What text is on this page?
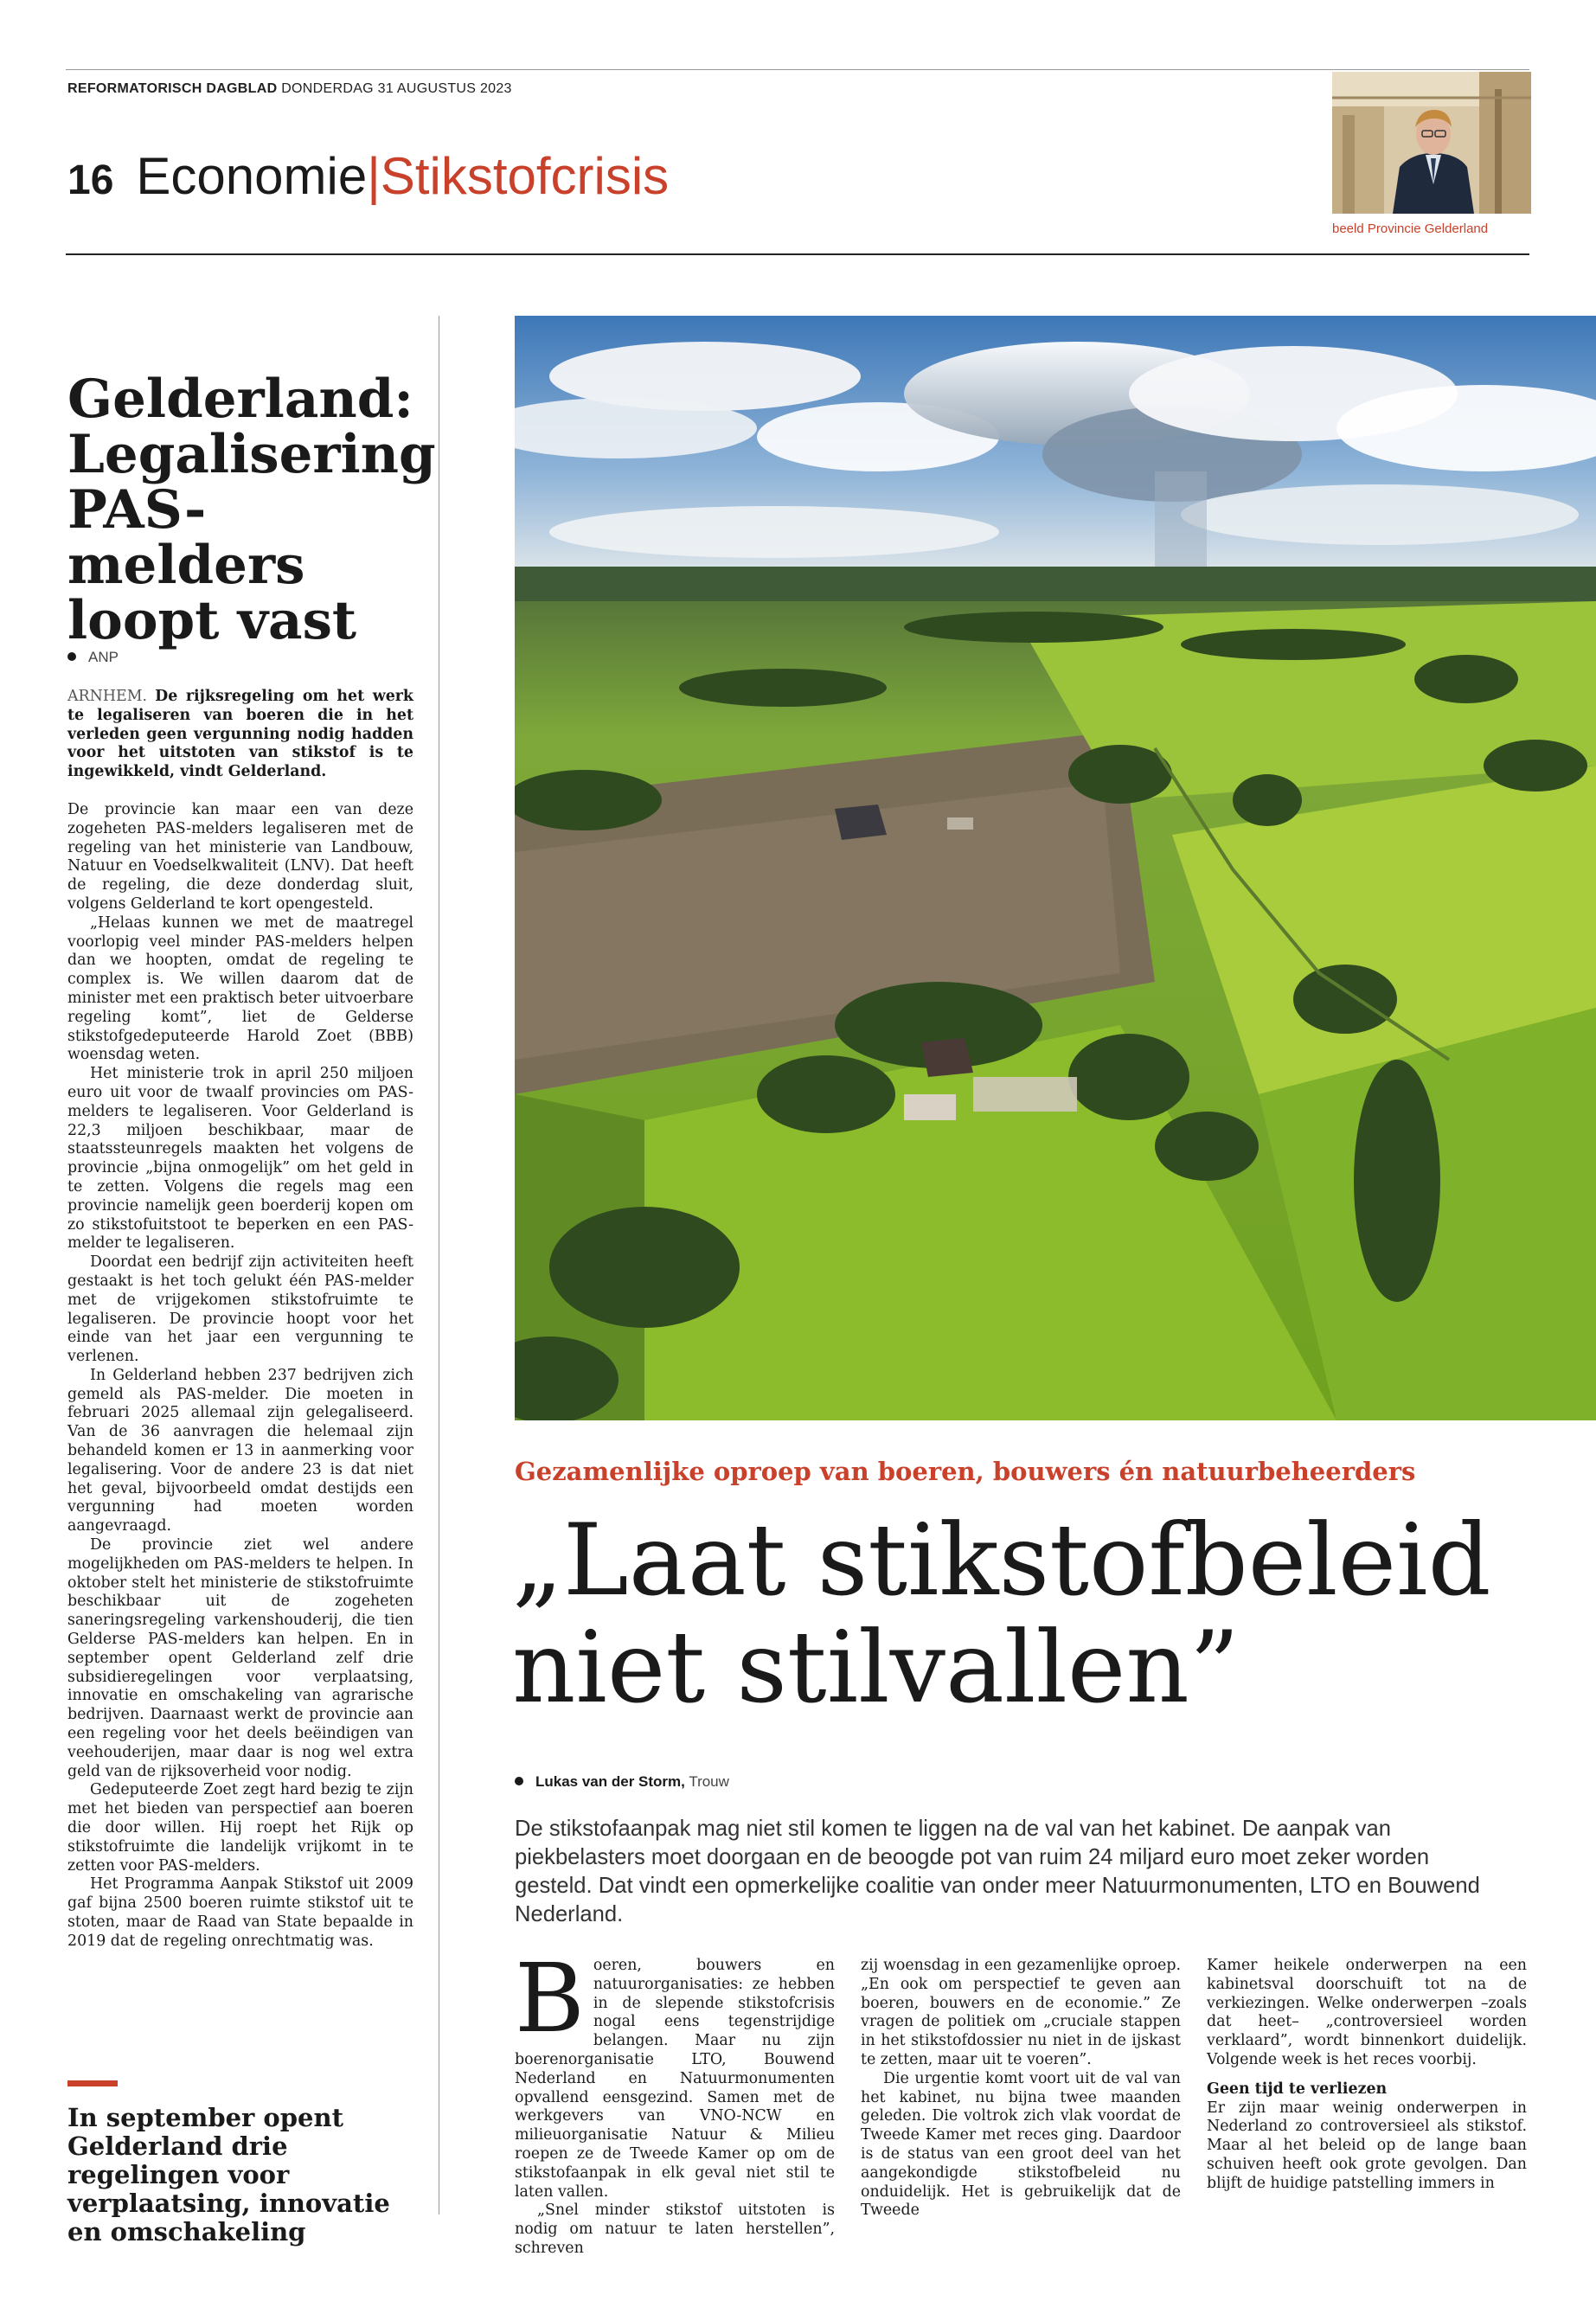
REFORMATORISCH DAGBLAD DONDERDAG 31 AUGUSTUS 2023
16 Economie|Stikstofcrisis
beeld Provincie Gelderland
Gelderland: Legalisering PAS-melders loopt vast
ANP

ARNHEM. De rijksregeling om het werk te legaliseren van boeren die in het verleden geen vergunning nodig hadden voor het uitstoten van stikstof is te ingewikkeld, vindt Gelderland.

De provincie kan maar een van deze zogeheten PAS-melders legaliseren met de regeling van het ministerie van Landbouw, Natuur en Voedselkwaliteit (LNV). Dat heeft de regeling, die deze donderdag sluit, volgens Gelderland te kort opengesteld.

„Helaas kunnen we met de maatregel voorlopig veel minder PAS-melders helpen dan we hoopten, omdat de regeling te complex is. We willen daarom dat de minister met een praktisch beter uitvoerbare regeling komt”, liet de Gelderse stikstofgedeputeerde Harold Zoet (BBB) woensdag weten.

Het ministerie trok in april 250 miljoen euro uit voor de twaalf provincies om PAS-melders te legaliseren. Voor Gelderland is 22,3 miljoen beschikbaar, maar de staatssteunregels maakten het volgens de provincie „bijna onmogelijk” om het geld in te zetten. Volgens die regels mag een provincie namelijk geen boerderij kopen om zo stikstofuitstoot te beperken en een PAS-melder te legaliseren.

Doordat een bedrijf zijn activiteiten heeft gestaakt is het toch gelukt één PAS-melder met de vrijgekomen stikstofruimte te legaliseren. De provincie hoopt voor het einde van het jaar een vergunning te verlenen.

In Gelderland hebben 237 bedrijven zich gemeld als PAS-melder. Die moeten in februari 2025 allemaal zijn gelegaliseerd. Van de 36 aanvragen die helemaal zijn behandeld komen er 13 in aanmerking voor legalisering. Voor de andere 23 is dat niet het geval, bijvoorbeeld omdat destijds een vergunning had moeten worden aangevraagd.

De provincie ziet wel andere mogelijkheden om PAS-melders te helpen. In oktober stelt het ministerie de stikstofruimte beschikbaar uit de zogeheten saneringsregeling varkenshouderij, die tien Gelderse PAS-melders kan helpen. En in september opent Gelderland zelf drie subsidieregelingen voor verplaatsing, innovatie en omschakeling van agrarische bedrijven. Daarnaast werkt de provincie aan een regeling voor het deels beëindigen van veehouderijen, maar daar is nog wel extra geld van de rijksoverheid voor nodig.

Gedeputeerde Zoet zegt hard bezig te zijn met het bieden van perspectief aan boeren die door willen. Hij roept het Rijk op stikstofruimte die landelijk vrijkomt in te zetten voor PAS-melders.

Het Programma Aanpak Stikstof uit 2009 gaf bijna 2500 boeren ruimte stikstof uit te stoten, maar de Raad van State bepaalde in 2019 dat de regeling onrechtmatig was.

In september opent Gelderland drie regelingen voor verplaatsing, innovatie en omschakeling
Gezamenlijke oproep van boeren, bouwers én natuurbeheerders
„Laat stikstofbeleid niet stilvallen”
Lukas van der Storm, Trouw

De stikstofaanpak mag niet stil komen te liggen na de val van het kabinet. De aanpak van piekbelasters moet doorgaan en de beoogde pot van ruim 24 miljard euro moet zeker worden gesteld. Dat vindt een opmerkelijke coalitie van onder meer Natuurmonumenten, LTO en Bouwend Nederland.

Boeren, bouwers en natuurorganisaties: ze hebben in de slepende stikstofcrisis nogal eens tegenstrijdige belangen. Maar nu zijn boerenorganisatie LTO, Bouwend Nederland en Natuurmonumenten opvallend eensgezind. Samen met de werkgevers van VNO-NCW en milieuorganisatie Natuur & Milieu roepen ze de Tweede Kamer op om de stikstofaanpak in elk geval niet stil te laten vallen.

„Snel minder stikstof uitstoten is nodig om natuur te laten herstellen”, schreven

zij woensdag in een gezamenlijke oproep. „En ook om perspectief te geven aan boeren, bouwers en de economie.” Ze vragen de politiek om „cruciale stappen in het stikstofdossier nu niet in de ijskast te zetten, maar uit te voeren”.

Die urgentie komt voort uit de val van het kabinet, nu bijna twee maanden geleden. Die voltrok zich vlak voordat de Tweede Kamer met reces ging. Daardoor is de status van een groot deel van het aangekondigde stikstofbeleid nu onduidelijk. Het is gebruikelijk dat de Tweede

Kamer heikele onderwerpen na een kabinetsval doorschuift tot na de verkiezingen. Welke onderwerpen –zoals dat heet– „controversieel worden verklaard”, wordt binnenkort duidelijk. Volgende week is het reces voorbij.

Geen tijd te verliezen

Er zijn maar weinig onderwerpen in Nederland zo controversieel als stikstof. Maar al het beleid op de lange baan schuiven heeft ook grote gevolgen. Dan blijft de huidige patstelling immers in
